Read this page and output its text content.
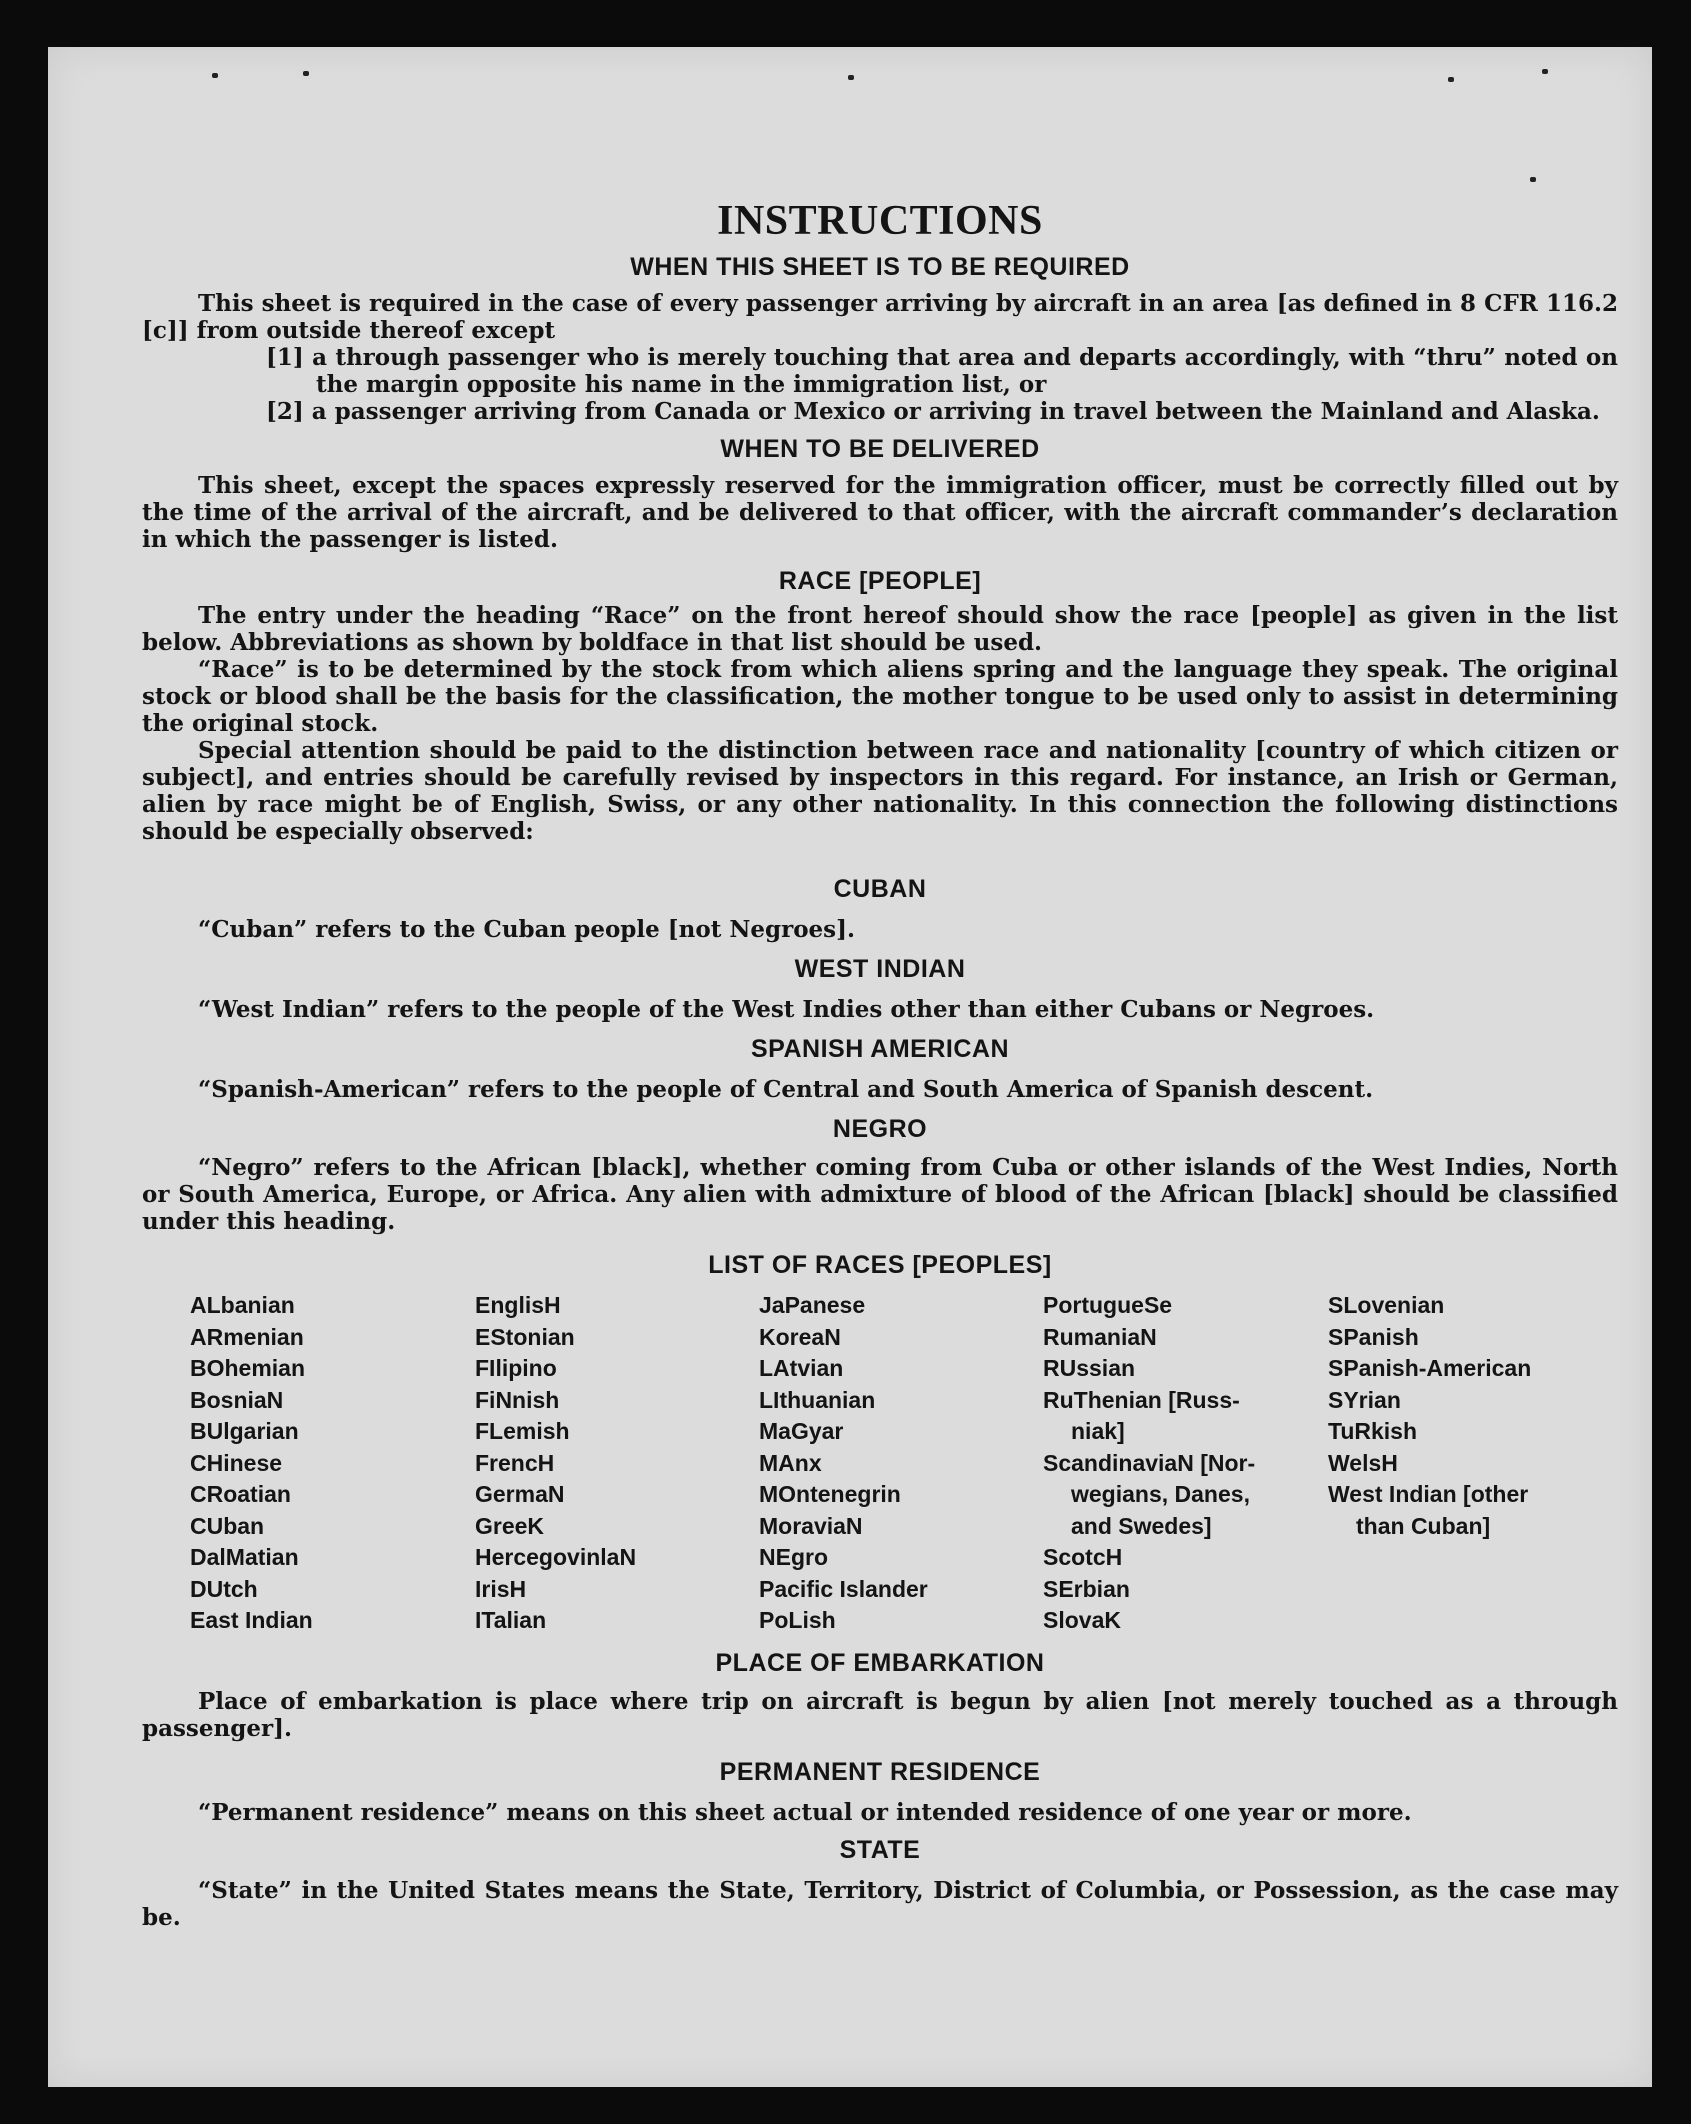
INSTRUCTIONS
WHEN THIS SHEET IS TO BE REQUIRED

This sheet is required in the case of every passenger arriving by aircraft in an area [as defined in 8 CFR 116.2 [c]] from outside thereof except

[1] a through passenger who is merely touching that area and departs accordingly, with “thru” noted on the margin opposite his name in the immigration list, or

[2] a passenger arriving from Canada or Mexico or arriving in travel between the Mainland and Alaska.

WHEN TO BE DELIVERED

This sheet, except the spaces expressly reserved for the immigration officer, must be correctly filled out by the time of the arrival of the aircraft, and be delivered to that officer, with the aircraft commander’s declaration in which the passenger is listed.

RACE [PEOPLE]

The entry under the heading “Race” on the front hereof should show the race [people] as given in the list below. Abbreviations as shown by boldface in that list should be used.

“Race” is to be determined by the stock from which aliens spring and the language they speak. The original stock or blood shall be the basis for the classification, the mother tongue to be used only to assist in determining the original stock.

Special attention should be paid to the distinction between race and nationality [country of which citizen or subject], and entries should be carefully revised by inspectors in this regard. For instance, an Irish or German, alien by race might be of English, Swiss, or any other nationality. In this connection the following distinctions should be especially observed:

CUBAN

“Cuban” refers to the Cuban people [not Negroes].

WEST INDIAN

“West Indian” refers to the people of the West Indies other than either Cubans or Negroes.

SPANISH AMERICAN

“Spanish-American” refers to the people of Central and South America of Spanish descent.

NEGRO

“Negro” refers to the African [black], whether coming from Cuba or other islands of the West Indies, North or South America, Europe, or Africa. Any alien with admixture of blood of the African [black] should be classified under this heading.

LIST OF RACES [PEOPLES]
ALbanian
ARmenian
BOhemian
BosniaN
BUlgarian
CHinese
CRoatian
CUban
DalMatian
DUtch
East Indian
EnglisH
EStonian
FIlipino
FiNnish
FLemish
FrencH
GermaN
GreeK
HercegovinlaN
IrisH
ITalian
JaPanese
KoreaN
LAtvian
LIthuanian
MaGyar
MAnx
MOntenegrin
MoraviaN
NEgro
Pacific Islander
PoLish
PortugueSe
RumaniaN
RUssian
RuThenian [Russ-
niak]
ScandinaviaN [Nor-
wegians, Danes,
and Swedes]
ScotcH
SErbian
SlovaK
SLovenian
SPanish
SPanish-American
SYrian
TuRkish
WelsH
West Indian [other
than Cuban]
PLACE OF EMBARKATION

Place of embarkation is place where trip on aircraft is begun by alien [not merely touched as a through passenger].

PERMANENT RESIDENCE

“Permanent residence” means on this sheet actual or intended residence of one year or more.

STATE

“State” in the United States means the State, Territory, District of Columbia, or Possession, as the case may be.
